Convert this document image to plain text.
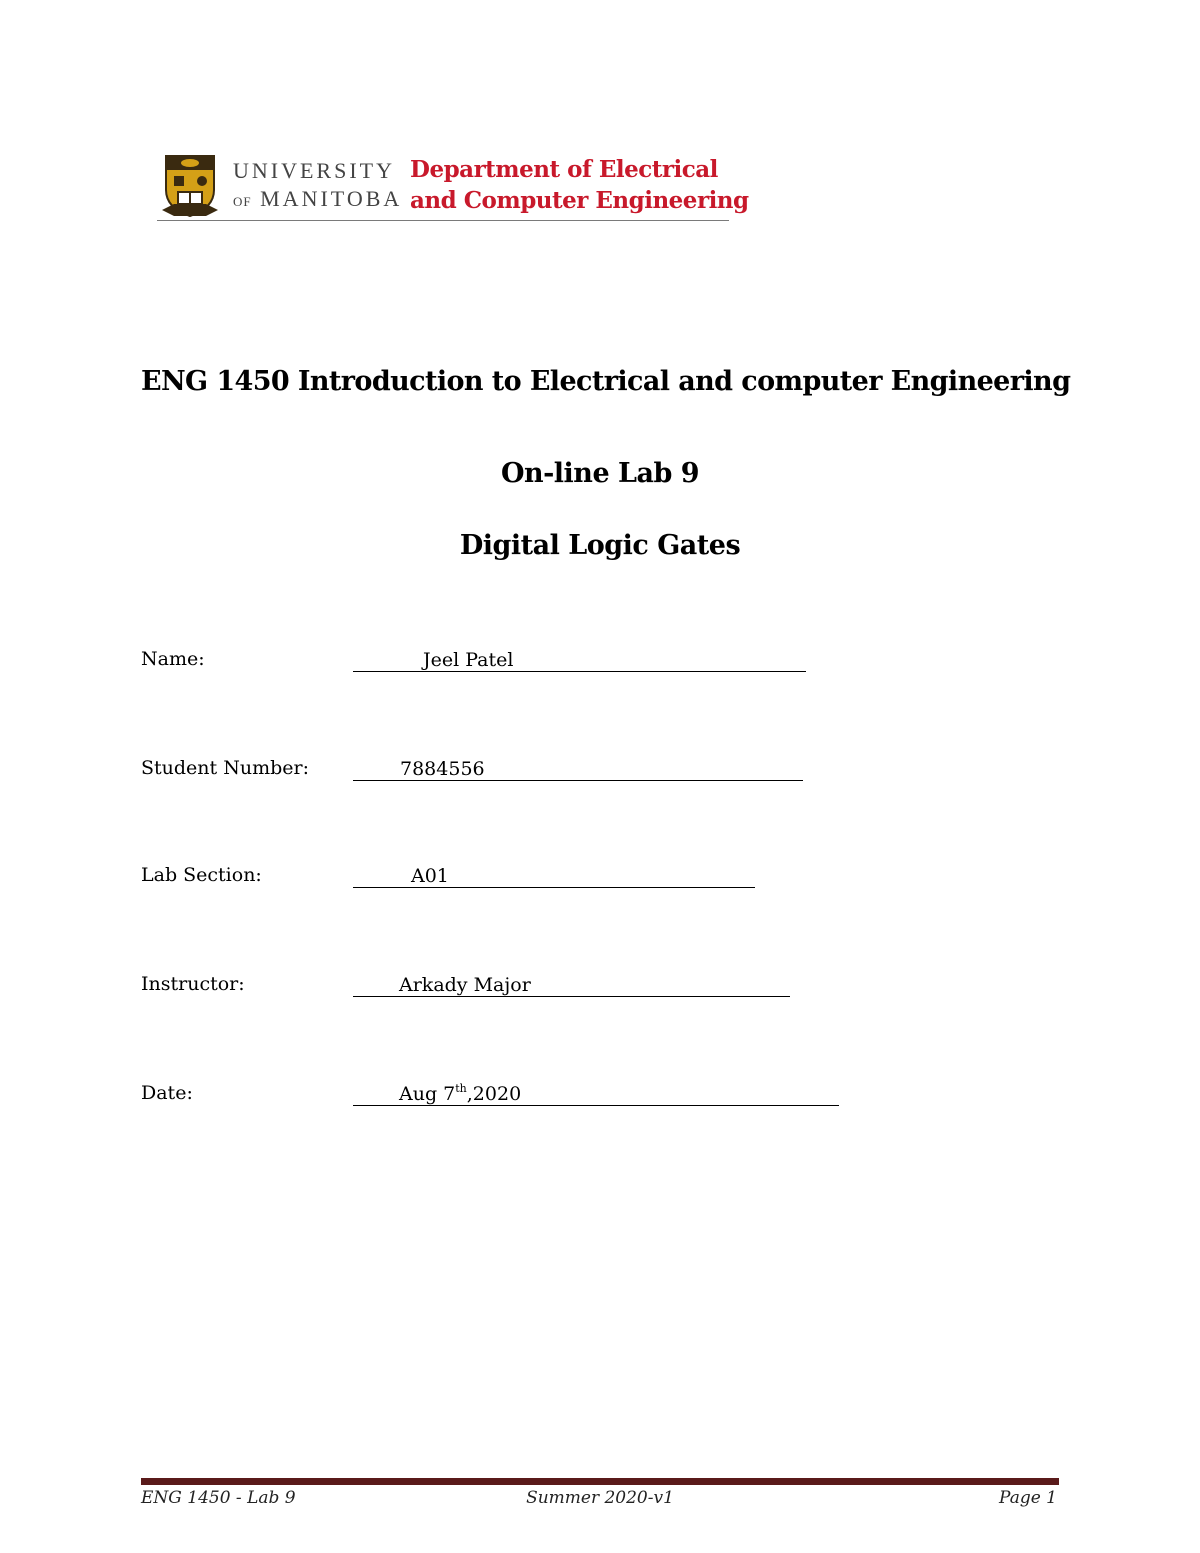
UNIVERSITY
OF MANITOBA
Department of Electrical
and Computer Engineering
ENG 1450 Introduction to Electrical and computer Engineering
On-line Lab 9
Digital Logic Gates
Name:	Jeel Patel
Student Number:	7884556
Lab Section:	A01
Instructor:	Arkady Major
Date:	Aug 7th,2020
ENG 1450 - Lab 9	Summer 2020-v1	Page 1
